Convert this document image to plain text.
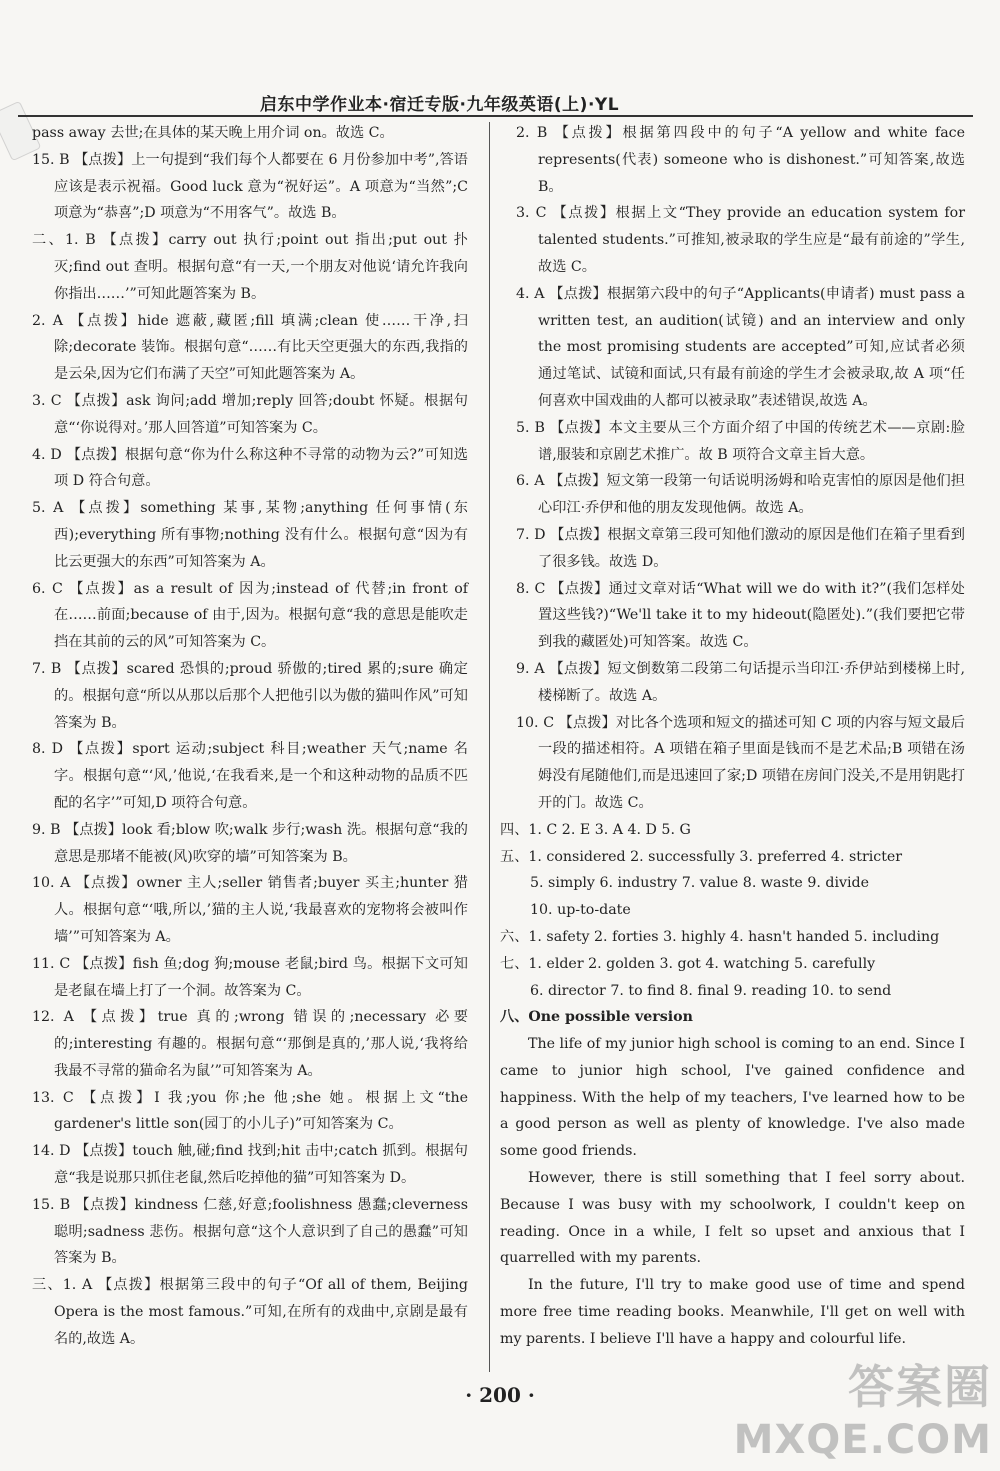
启东中学作业本·宿迁专版·九年级英语(上)·YL

pass away 去世;在具体的某天晚上用介词 on。故选 C。

15. B 【点拨】上一句提到“我们每个人都要在 6 月份参加中考”,答语应该是表示祝福。Good luck 意为“祝好运”。A 项意为“当然”;C 项意为“恭喜”;D 项意为“不用客气”。故选 B。

二、1. B 【点拨】carry out 执行;point out 指出;put out 扑灭;find out 查明。根据句意“有一天,一个朋友对他说‘请允许我向你指出……’”可知此题答案为 B。

2. A 【点拨】hide 遮蔽,藏匿;fill 填满;clean 使……干净,扫除;decorate 装饰。根据句意“……有比天空更强大的东西,我指的是云朵,因为它们布满了天空”可知此题答案为 A。

3. C 【点拨】ask 询问;add 增加;reply 回答;doubt 怀疑。根据句意“‘你说得对。’那人回答道”可知答案为 C。

4. D 【点拨】根据句意“你为什么称这种不寻常的动物为云?”可知选项 D 符合句意。

5. A 【点拨】something 某事,某物;anything 任何事情(东西);everything 所有事物;nothing 没有什么。根据句意“因为有比云更强大的东西”可知答案为 A。

6. C 【点拨】as a result of 因为;instead of 代替;in front of 在……前面;because of 由于,因为。根据句意“我的意思是能吹走挡在其前的云的风”可知答案为 C。

7. B 【点拨】scared 恐惧的;proud 骄傲的;tired 累的;sure 确定的。根据句意“所以从那以后那个人把他引以为傲的猫叫作风”可知答案为 B。

8. D 【点拨】sport 运动;subject 科目;weather 天气;name 名字。根据句意“‘风,’他说,‘在我看来,是一个和这种动物的品质不匹配的名字’”可知,D 项符合句意。

9. B 【点拨】look 看;blow 吹;walk 步行;wash 洗。根据句意“我的意思是那堵不能被(风)吹穿的墙”可知答案为 B。

10. A 【点拨】owner 主人;seller 销售者;buyer 买主;hunter 猎人。根据句意“‘哦,所以,’猫的主人说,‘我最喜欢的宠物将会被叫作墙’”可知答案为 A。

11. C 【点拨】fish 鱼;dog 狗;mouse 老鼠;bird 鸟。根据下文可知是老鼠在墙上打了一个洞。故答案为 C。

12. A 【点拨】true 真的;wrong 错误的;necessary 必要的;interesting 有趣的。根据句意“‘那倒是真的,’那人说,‘我将给我最不寻常的猫命名为鼠’”可知答案为 A。

13. C 【点拨】I 我;you 你;he 他;she 她。根据上文“the gardener's little son(园丁的小儿子)”可知答案为 C。

14. D 【点拨】touch 触,碰;find 找到;hit 击中;catch 抓到。根据句意“我是说那只抓住老鼠,然后吃掉他的猫”可知答案为 D。

15. B 【点拨】kindness 仁慈,好意;foolishness 愚蠢;cleverness 聪明;sadness 悲伤。根据句意“这个人意识到了自己的愚蠢”可知答案为 B。

三、1. A 【点拨】根据第三段中的句子“Of all of them, Beijing Opera is the most famous.”可知,在所有的戏曲中,京剧是最有名的,故选 A。

2. B 【点拨】根据第四段中的句子“A yellow and white face represents(代表) someone who is dishonest.”可知答案,故选 B。

3. C 【点拨】根据上文“They provide an education system for talented students.”可推知,被录取的学生应是“最有前途的”学生,故选 C。

4. A 【点拨】根据第六段中的句子“Applicants(申请者) must pass a written test, an audition(试镜) and an interview and only the most promising students are accepted”可知,应试者必须通过笔试、试镜和面试,只有最有前途的学生才会被录取,故 A 项“任何喜欢中国戏曲的人都可以被录取”表述错误,故选 A。

5. B 【点拨】本文主要从三个方面介绍了中国的传统艺术——京剧:脸谱,服装和京剧艺术推广。故 B 项符合文章主旨大意。

6. A 【点拨】短文第一段第一句话说明汤姆和哈克害怕的原因是他们担心印江·乔伊和他的朋友发现他俩。故选 A。

7. D 【点拨】根据文章第三段可知他们激动的原因是他们在箱子里看到了很多钱。故选 D。

8. C 【点拨】通过文章对话“What will we do with it?”(我们怎样处置这些钱?)“We'll take it to my hideout(隐匿处).”(我们要把它带到我的藏匿处)可知答案。故选 C。

9. A 【点拨】短文倒数第二段第二句话提示当印江·乔伊站到楼梯上时,楼梯断了。故选 A。

10. C 【点拨】对比各个选项和短文的描述可知 C 项的内容与短文最后一段的描述相符。A 项错在箱子里面是钱而不是艺术品;B 项错在汤姆没有尾随他们,而是迅速回了家;D 项错在房间门没关,不是用钥匙打开的门。故选 C。

四、1. C 2. E 3. A 4. D 5. G

五、1. considered 2. successfully 3. preferred 4. stricter

5. simply 6. industry 7. value 8. waste 9. divide

10. up-to-date

六、1. safety 2. forties 3. highly 4. hasn't handed 5. including

七、1. elder 2. golden 3. got 4. watching 5. carefully

6. director 7. to find 8. final 9. reading 10. to send

八、One possible version

The life of my junior high school is coming to an end. Since I came to junior high school, I've gained confidence and happiness. With the help of my teachers, I've learned how to be a good person as well as plenty of knowledge. I've also made some good friends.

However, there is still something that I feel sorry about. Because I was busy with my schoolwork, I couldn't keep on reading. Once in a while, I felt so upset and anxious that I quarrelled with my parents.

In the future, I'll try to make good use of time and spend more free time reading books. Meanwhile, I'll get on well with my parents. I believe I'll have a happy and colourful life.

· 200 ·	答案圈
MXQE.COM
